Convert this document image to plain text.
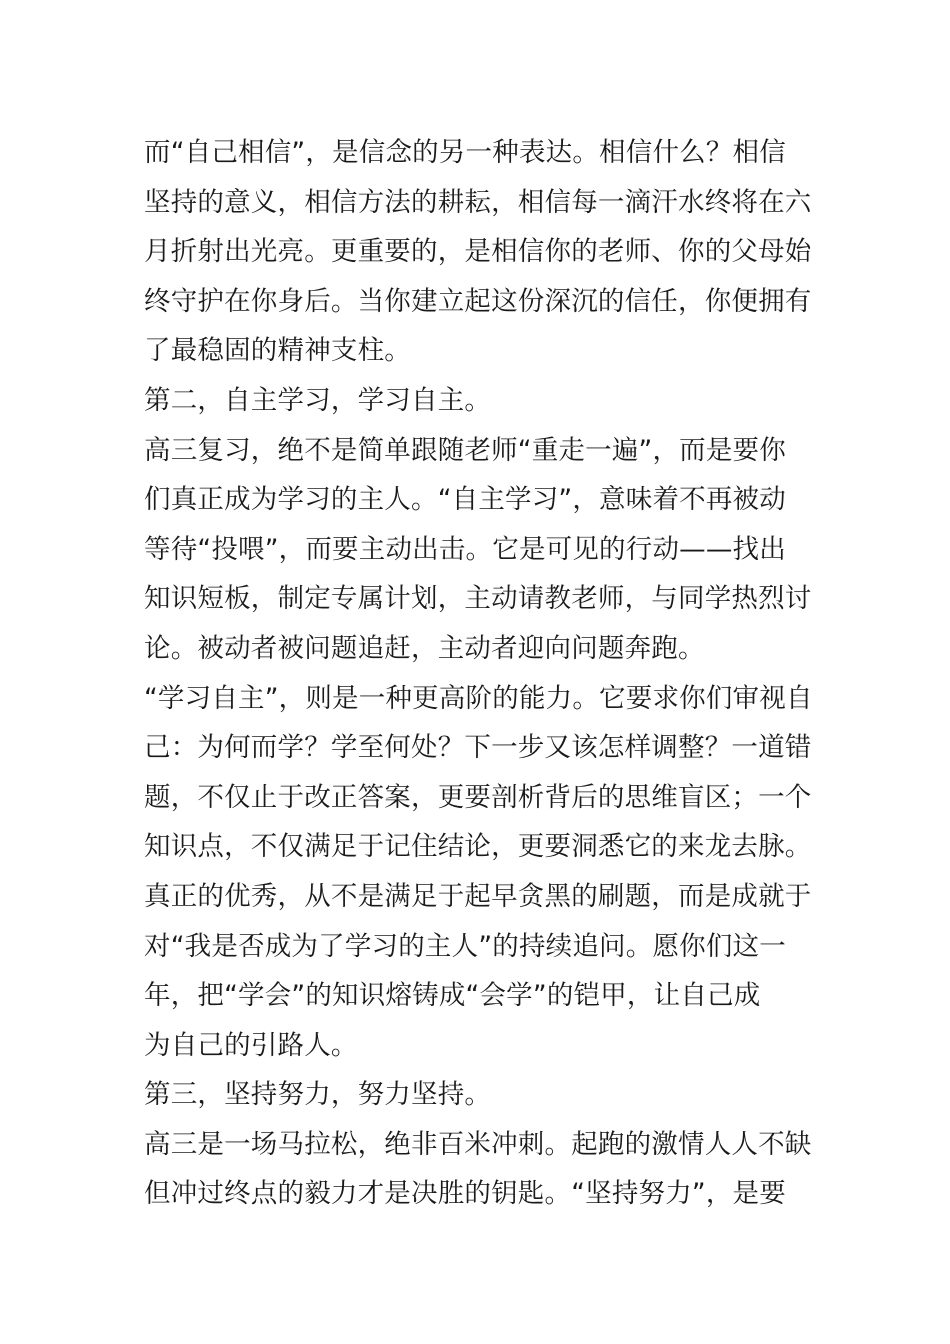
而“自己相信”，是信念的另一种表达。相信什么？相信
坚持的意义，相信方法的耕耘，相信每一滴汗水终将在六
月折射出光亮。更重要的，是相信你的老师、你的父母始
终守护在你身后。当你建立起这份深沉的信任，你便拥有
了最稳固的精神支柱。
第二，自主学习，学习自主。
高三复习，绝不是简单跟随老师“重走一遍”，而是要你
们真正成为学习的主人。“自主学习”，意味着不再被动
等待“投喂”，而要主动出击。它是可见的行动——找出
知识短板，制定专属计划，主动请教老师，与同学热烈讨
论。被动者被问题追赶，主动者迎向问题奔跑。
“学习自主”，则是一种更高阶的能力。它要求你们审视自
己：为何而学？学至何处？下一步又该怎样调整？一道错
题，不仅止于改正答案，更要剖析背后的思维盲区；一个
知识点，不仅满足于记住结论，更要洞悉它的来龙去脉。
真正的优秀，从不是满足于起早贪黑的刷题，而是成就于
对“我是否成为了学习的主人”的持续追问。愿你们这一
年，把“学会”的知识熔铸成“会学”的铠甲，让自己成
为自己的引路人。
第三，坚持努力，努力坚持。
高三是一场马拉松，绝非百米冲刺。起跑的激情人人不缺
但冲过终点的毅力才是决胜的钥匙。“坚持努力”，是要
